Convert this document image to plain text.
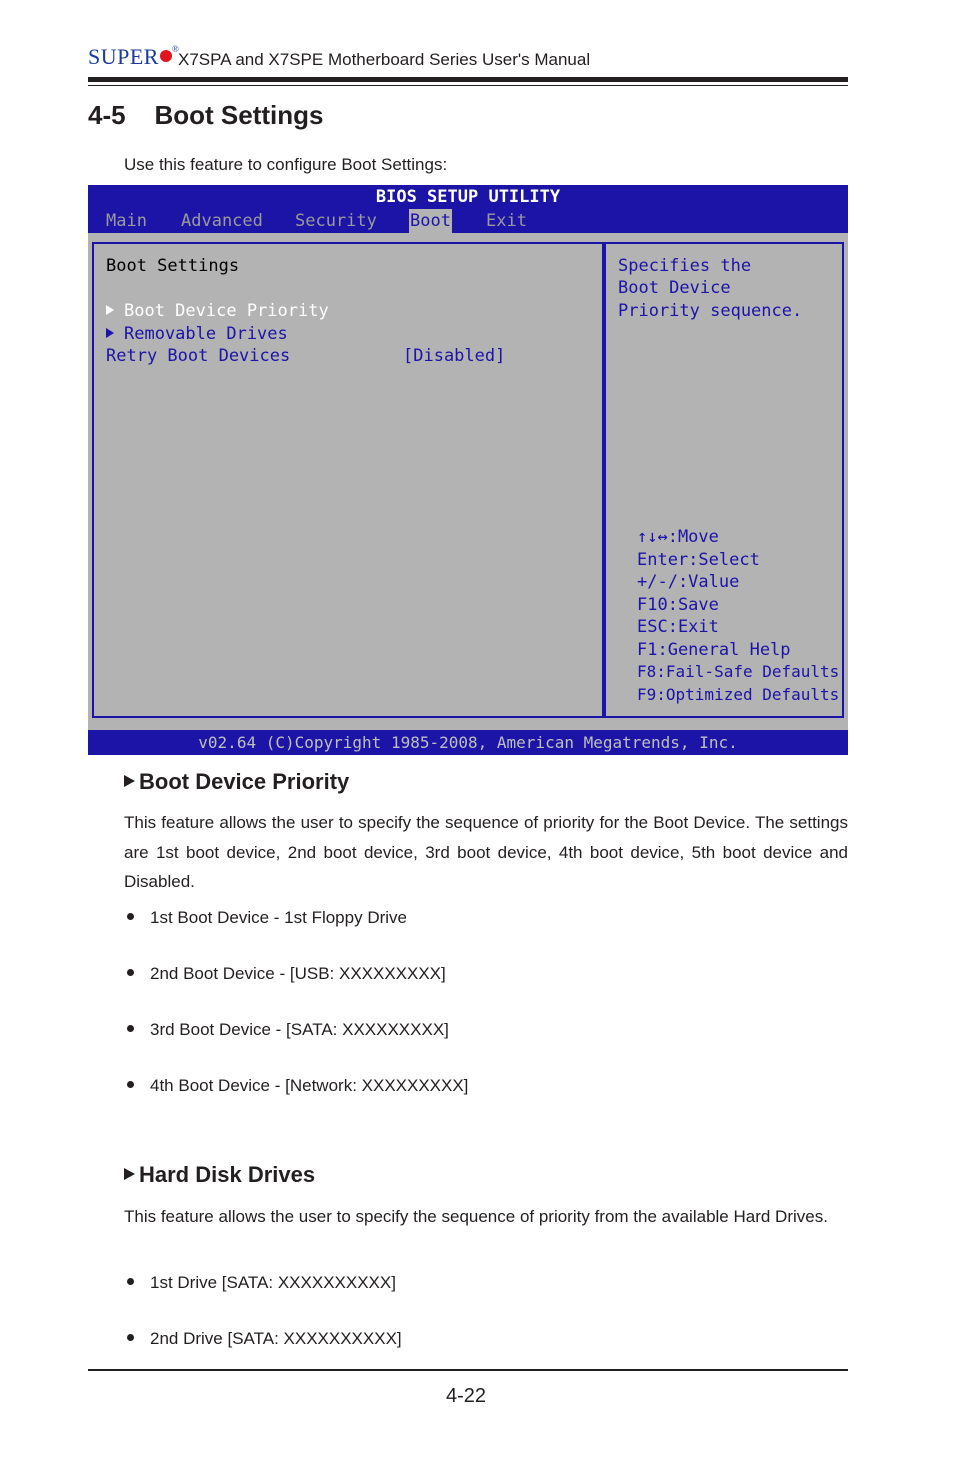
SUPER ®
X7SPA and X7SPE Motherboard Series User's Manual
4-5    Boot Settings
Use this feature to configure Boot Settings:
BIOS SETUP UTILITY
Main Advanced Security Boot Exit
Boot Settings
Boot Device Priority
Removable Drives
Retry Boot Devices	[Disabled]
Specifies the
Boot Device
Priority sequence.
↑↓↔:Move
Enter:Select
+/-/:Value
F10:Save
ESC:Exit
F1:General Help
F8:Fail-Safe Defaults
F9:Optimized Defaults
v02.64 (C)Copyright 1985-2008, American Megatrends, Inc.
Boot Device Priority
This feature allows the user to specify the sequence of priority for the Boot Device. The settings are 1st boot device, 2nd boot device, 3rd boot device, 4th boot device, 5th boot device and Disabled.
1st Boot Device - 1st Floppy Drive
2nd Boot Device - [USB: XXXXXXXXX]
3rd Boot Device - [SATA: XXXXXXXXX]
4th Boot Device - [Network: XXXXXXXXX]
Hard Disk Drives
This feature allows the user to specify the sequence of priority from the available Hard Drives.
1st Drive [SATA: XXXXXXXXXX]
2nd Drive [SATA: XXXXXXXXXX]
4-22
